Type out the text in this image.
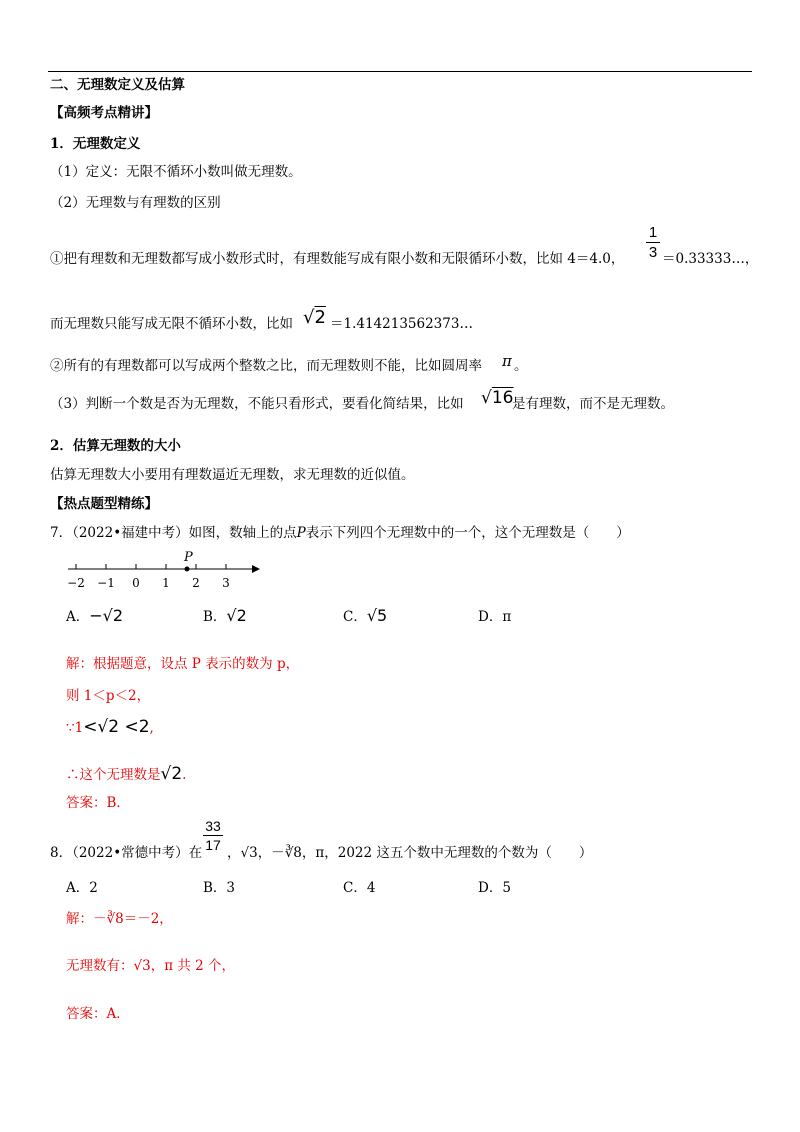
二、无理数定义及估算
【高频考点精讲】
1．无理数定义
（1）定义：无限不循环小数叫做无理数。
（2）无理数与有理数的区别
①把有理数和无理数都写成小数形式时，有理数能写成有限小数和无限循环小数，比如 4＝4.0，
1
3 ＝0.33333…，
而无理数只能写成无限不循环小数，比如 √2 ＝1.414213562373…
②所有的有理数都可以写成两个整数之比，而无理数则不能，比如圆周率 π 。
（3）判断一个数是否为无理数，不能只看形式，要看化简结果，比如 √16
是有理数，而不是无理数。
2．估算无理数的大小
估算无理数大小要用有理数逼近无理数，求无理数的近似值。
【热点题型精练】
7．（2022•福建中考）如图，数轴上的点P表示下列四个无理数中的一个，这个无理数是（　　）
−2 −1 0 1 2 3
P
A．−√2	B．√2	C．√5	D．π
解：根据题意，设点 P 表示的数为 p，
则 1＜p＜2，
∵1<√2 <2,
∴这个无理数是√2.
答案：B．
8．（2022•常德中考）在
33
17 ，√3，－∛8，π，2022 这五个数中无理数的个数为（　　）
A．2	B．3	C．4	D．5
解：－∛8＝－2，
无理数有：√3，π 共 2 个，
答案：A．
